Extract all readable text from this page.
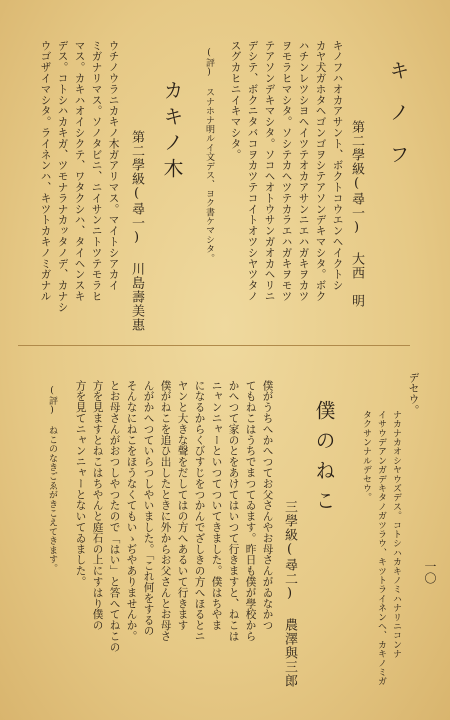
キノフ
第二學級(尋一) 大西　明
キノフハオカアサント、ボクトコウエンヘイクトシ
カヤ犬ガホタヘゴンゴヲシテアソンデキマシタ。ボク
ハチンレツシヨヘイツテオカアサンニエハガキヲカツ
ヲモラヒマシタ。ソシテカヘツテカラエハガキヲモツ
テアソンデキマシタ。ソコヘオトウサンガオカヘリニ
デシテ、ボクニタバコヲカツテコイトオツシヤツタノ
スグカヒニイキマシタ。
(評) スナホナ明ルイ文デス、ヨク書ケマシタ。
カキノ木
第二學級(尋一) 川島壽美惠
ウチノウラニカキノ木ガアリマス。マイトシアカイ
ミガナリマス。ソノタビニ、ニイサンニトツテモラヒ
マス。カキハオイシクテ、ワタクシハ、タイヘンスキ
デス。コトシハカキガ、ツモナラナカッタノデ、カナシ
ウゴザイマシタ。ライネンハ、キツトカキノミガナル
一〇
デセウ。
ナカナカオシヤウズデス。コトシハカキノミハナリニコンナ
イサウデアンガデキタノガツラウ、キツトライネンヘ、カキノミガ
タクサンナルデセウ。
僕のねこ
三學級(尋二) 農澤與三郎
僕がうちへかへつてお父さんやお母さんがゐなかつ
てもねこはうちでまつてゐます。昨日も僕が學校から
かへつて家のとをあけてはいつて行きますと、ねこは
ニャンニャーといつてついてきました。僕はちやま
になるからくびすじをつかんでざしきの方へほるとニ
ヤンと大きな聲をだしてはの方へあるいて行きます
僕がねこを追ひ出したときに外からお父さんとお母さ
んがかへつていらつしやいました。「これ何をするの
そんなにねこをほうなくてもいゝぢやありませんか。
とお母さんがおつしやつたので「はい」と答へてねこの
方を見ますとねこはちやんと庭石の上にすはり僕の
方を見てニャンニャーとないてゐました。
(評) ねこのなきごゑがきこえてきます。
